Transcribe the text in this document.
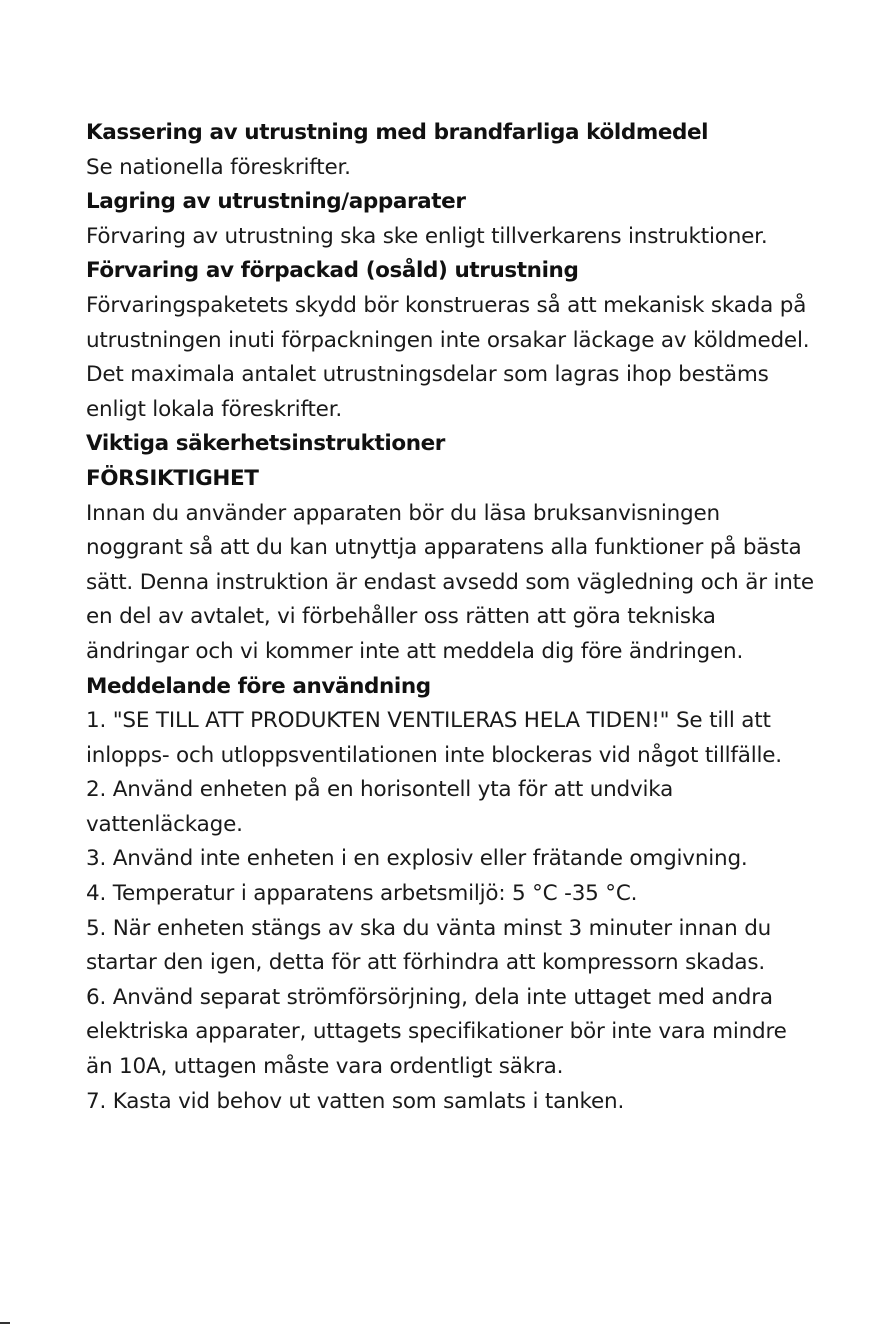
Kassering av utrustning med brandfarliga köldmedel
Se nationella föreskrifter.
Lagring av utrustning/apparater
Förvaring av utrustning ska ske enligt tillverkarens instruktioner.
Förvaring av förpackad (osåld) utrustning
Förvaringspaketets skydd bör konstrueras så att mekanisk skada på
utrustningen inuti förpackningen inte orsakar läckage av köldmedel.
Det maximala antalet utrustningsdelar som lagras ihop bestäms
enligt lokala föreskrifter.
Viktiga säkerhetsinstruktioner
FÖRSIKTIGHET
Innan du använder apparaten bör du läsa bruksanvisningen
noggrant så att du kan utnyttja apparatens alla funktioner på bästa
sätt. Denna instruktion är endast avsedd som vägledning och är inte
en del av avtalet, vi förbehåller oss rätten att göra tekniska
ändringar och vi kommer inte att meddela dig före ändringen.
Meddelande före användning
1. "SE TILL ATT PRODUKTEN VENTILERAS HELA TIDEN!" Se till att
inlopps- och utloppsventilationen inte blockeras vid något tillfälle.
2. Använd enheten på en horisontell yta för att undvika
vattenläckage.
3. Använd inte enheten i en explosiv eller frätande omgivning.
4. Temperatur i apparatens arbetsmiljö: 5 °C -35 °C.
5. När enheten stängs av ska du vänta minst 3 minuter innan du
startar den igen, detta för att förhindra att kompressorn skadas.
6. Använd separat strömförsörjning, dela inte uttaget med andra
elektriska apparater, uttagets specifikationer bör inte vara mindre
än 10A, uttagen måste vara ordentligt säkra.
7. Kasta vid behov ut vatten som samlats i tanken.
